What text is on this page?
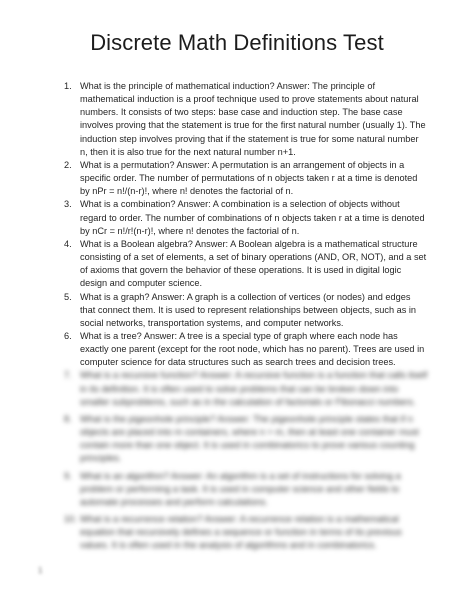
Discrete Math Definitions Test
1. What is the principle of mathematical induction? Answer: The principle of mathematical induction is a proof technique used to prove statements about natural numbers. It consists of two steps: base case and induction step. The base case involves proving that the statement is true for the first natural number (usually 1). The induction step involves proving that if the statement is true for some natural number n, then it is also true for the next natural number n+1.
2. What is a permutation? Answer: A permutation is an arrangement of objects in a specific order. The number of permutations of n objects taken r at a time is denoted by nPr = n!/(n-r)!, where n! denotes the factorial of n.
3. What is a combination? Answer: A combination is a selection of objects without regard to order. The number of combinations of n objects taken r at a time is denoted by nCr = n!/r!(n-r)!, where n! denotes the factorial of n.
4. What is a Boolean algebra? Answer: A Boolean algebra is a mathematical structure consisting of a set of elements, a set of binary operations (AND, OR, NOT), and a set of axioms that govern the behavior of these operations. It is used in digital logic design and computer science.
5. What is a graph? Answer: A graph is a collection of vertices (or nodes) and edges that connect them. It is used to represent relationships between objects, such as in social networks, transportation systems, and computer networks.
6. What is a tree? Answer: A tree is a special type of graph where each node has exactly one parent (except for the root node, which has no parent). Trees are used in computer science for data structures such as search trees and decision trees.
7. What is a recursive function? Answer: A recursive function is a function that calls itself in its definition. It is often used to solve problems that can be broken down into smaller subproblems, such as in the calculation of factorials or Fibonacci numbers.
8. What is the pigeonhole principle? Answer: The pigeonhole principle states that if n objects are placed into m containers, where n > m, then at least one container must contain more than one object. It is used in combinatorics to prove various counting principles.
9. What is an algorithm? Answer: An algorithm is a set of instructions for solving a problem or performing a task. It is used in computer science and other fields to automate processes and perform calculations.
10. What is a recurrence relation? Answer: A recurrence relation is a mathematical equation that recursively defines a sequence or function in terms of its previous values. It is often used in the analysis of algorithms and in combinatorics.
1
